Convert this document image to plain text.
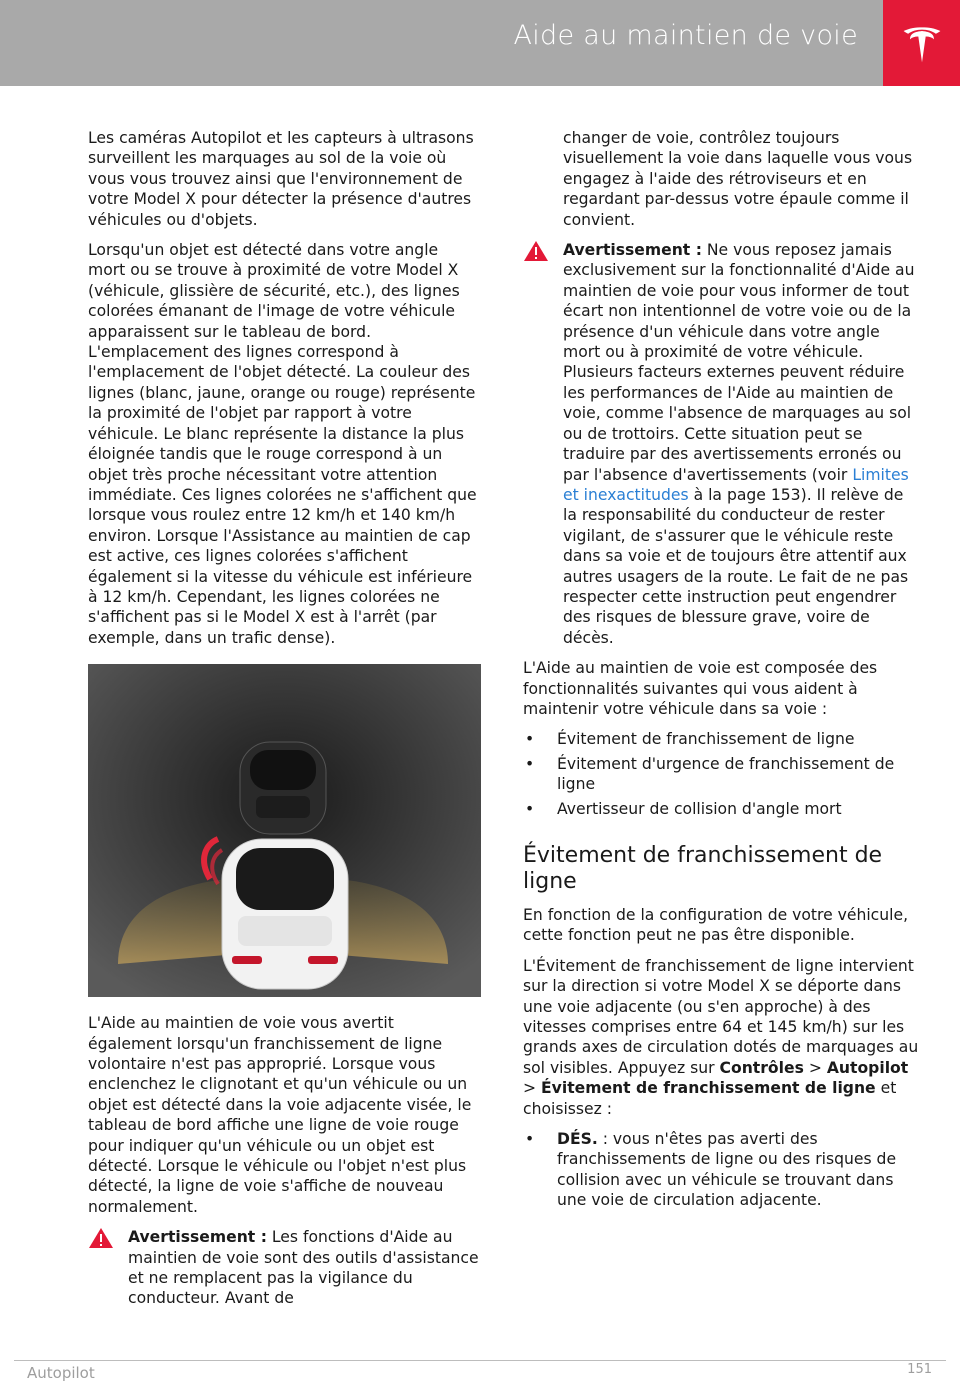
Aide au maintien de voie

Les caméras Autopilot et les capteurs à ultrasons surveillent les marquages au sol de la voie où vous vous trouvez ainsi que l'environnement de votre Model X pour détecter la présence d'autres véhicules ou d'objets.

Lorsqu'un objet est détecté dans votre angle mort ou se trouve à proximité de votre Model X (véhicule, glissière de sécurité, etc.), des lignes colorées émanant de l'image de votre véhicule apparaissent sur le tableau de bord. L'emplacement des lignes correspond à l'emplacement de l'objet détecté. La couleur des lignes (blanc, jaune, orange ou rouge) représente la proximité de l'objet par rapport à votre véhicule. Le blanc représente la distance la plus éloignée tandis que le rouge correspond à un objet très proche nécessitant votre attention immédiate. Ces lignes colorées ne s'affichent que lorsque vous roulez entre 12 km/h et 140 km/h environ. Lorsque l'Assistance au maintien de cap est active, ces lignes colorées s'affichent également si la vitesse du véhicule est inférieure à 12 km/h. Cependant, les lignes colorées ne s'affichent pas si le Model X est à l'arrêt (par exemple, dans un trafic dense).

L'Aide au maintien de voie vous avertit également lorsqu'un franchissement de ligne volontaire n'est pas approprié. Lorsque vous enclenchez le clignotant et qu'un véhicule ou un objet est détecté dans la voie adjacente visée, le tableau de bord affiche une ligne de voie rouge pour indiquer qu'un véhicule ou un objet est détecté. Lorsque le véhicule ou l'objet n'est plus détecté, la ligne de voie s'affiche de nouveau normalement.

Avertissement : Les fonctions d'Aide au maintien de voie sont des outils d'assistance et ne remplacent pas la vigilance du conducteur. Avant de

changer de voie, contrôlez toujours visuellement la voie dans laquelle vous vous engagez à l'aide des rétroviseurs et en regardant par-dessus votre épaule comme il convient.

Avertissement : Ne vous reposez jamais exclusivement sur la fonctionnalité d'Aide au maintien de voie pour vous informer de tout écart non intentionnel de votre voie ou de la présence d'un véhicule dans votre angle mort ou à proximité de votre véhicule. Plusieurs facteurs externes peuvent réduire les performances de l'Aide au maintien de voie, comme l'absence de marquages au sol ou de trottoirs. Cette situation peut se traduire par des avertissements erronés ou par l'absence d'avertissements (voir Limites et inexactitudes à la page 153). Il relève de la responsabilité du conducteur de rester vigilant, de s'assurer que le véhicule reste dans sa voie et de toujours être attentif aux autres usagers de la route. Le fait de ne pas respecter cette instruction peut engendrer des risques de blessure grave, voire de décès.

L'Aide au maintien de voie est composée des fonctionnalités suivantes qui vous aident à maintenir votre véhicule dans sa voie :

• Évitement de franchissement de ligne
• Évitement d'urgence de franchissement de ligne
• Avertisseur de collision d'angle mort
Évitement de franchissement de ligne

En fonction de la configuration de votre véhicule, cette fonction peut ne pas être disponible.

L'Évitement de franchissement de ligne intervient sur la direction si votre Model X se déporte dans une voie adjacente (ou s'en approche) à des vitesses comprises entre 64 et 145 km/h) sur les grands axes de circulation dotés de marquages au sol visibles. Appuyez sur Contrôles > Autopilot > Évitement de franchissement de ligne et choisissez :

• DÉS. : vous n'êtes pas averti des franchissements de ligne ou des risques de collision avec un véhicule se trouvant dans une voie de circulation adjacente.
Autopilot	151
